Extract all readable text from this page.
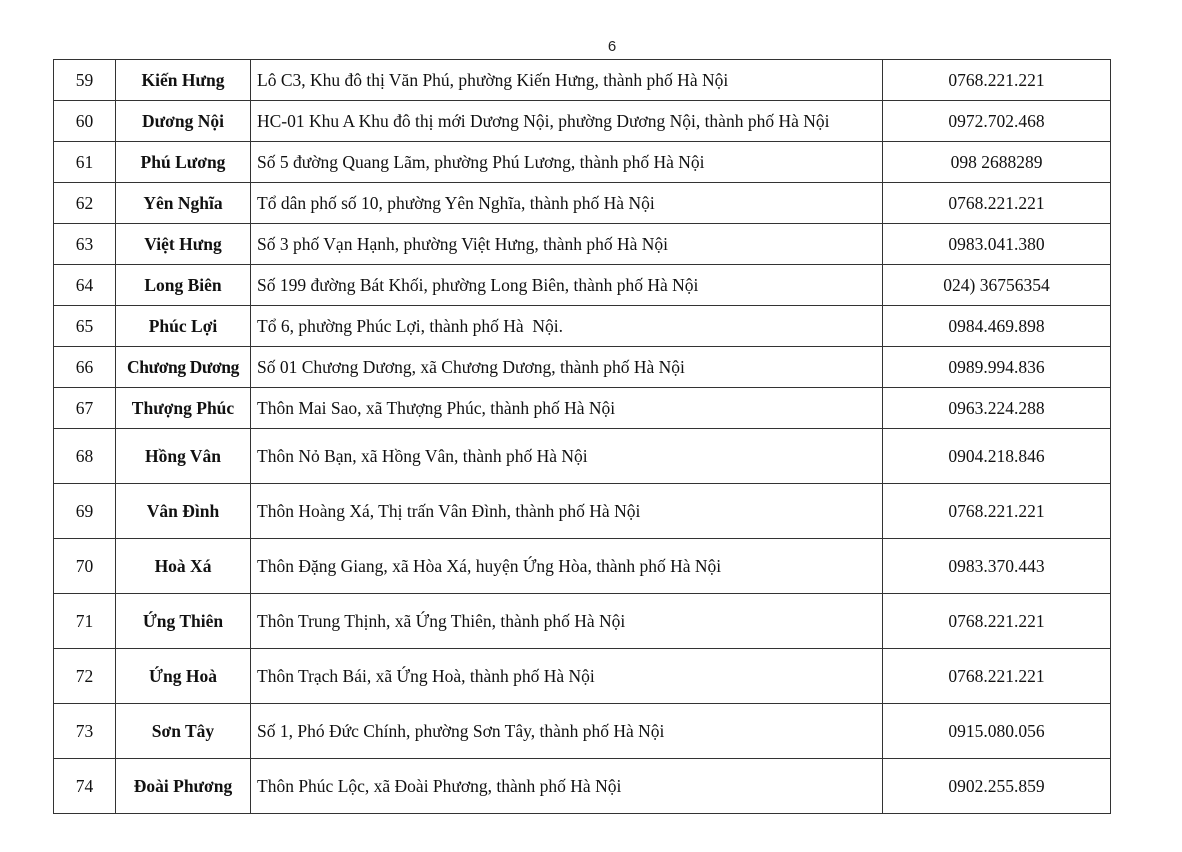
6
59	Kiến Hưng	Lô C3, Khu đô thị Văn Phú, phường Kiến Hưng, thành phố Hà Nội	0768.221.221
60	Dương Nội	HC-01 Khu A Khu đô thị mới Dương Nội, phường Dương Nội, thành phố Hà Nội	0972.702.468
61	Phú Lương	Số 5 đường Quang Lãm, phường Phú Lương, thành phố Hà Nội	098 2688289
62	Yên Nghĩa	Tổ dân phố số 10, phường Yên Nghĩa, thành phố Hà Nội	0768.221.221
63	Việt Hưng	Số 3 phố Vạn Hạnh, phường Việt Hưng, thành phố Hà Nội	0983.041.380
64	Long Biên	Số 199 đường Bát Khối, phường Long Biên, thành phố Hà Nội	024) 36756354
65	Phúc Lợi	Tổ 6, phường Phúc Lợi, thành phố Hà  Nội.	0984.469.898
66	Chương Dương	Số 01 Chương Dương, xã Chương Dương, thành phố Hà Nội	0989.994.836
67	Thượng Phúc	Thôn Mai Sao, xã Thượng Phúc, thành phố Hà Nội	0963.224.288
68	Hồng Vân	Thôn Nỏ Bạn, xã Hồng Vân, thành phố Hà Nội	0904.218.846
69	Vân Đình	Thôn Hoàng Xá, Thị trấn Vân Đình, thành phố Hà Nội	0768.221.221
70	Hoà Xá	Thôn Đặng Giang, xã Hòa Xá, huyện Ứng Hòa, thành phố Hà Nội	0983.370.443
71	Ứng Thiên	Thôn Trung Thịnh, xã Ứng Thiên, thành phố Hà Nội	0768.221.221
72	Ứng Hoà	Thôn Trạch Bái, xã Ứng Hoà, thành phố Hà Nội	0768.221.221
73	Sơn Tây	Số 1, Phó Đức Chính, phường Sơn Tây, thành phố Hà Nội	0915.080.056
74	Đoài Phương	Thôn Phúc Lộc, xã Đoài Phương, thành phố Hà Nội	0902.255.859
